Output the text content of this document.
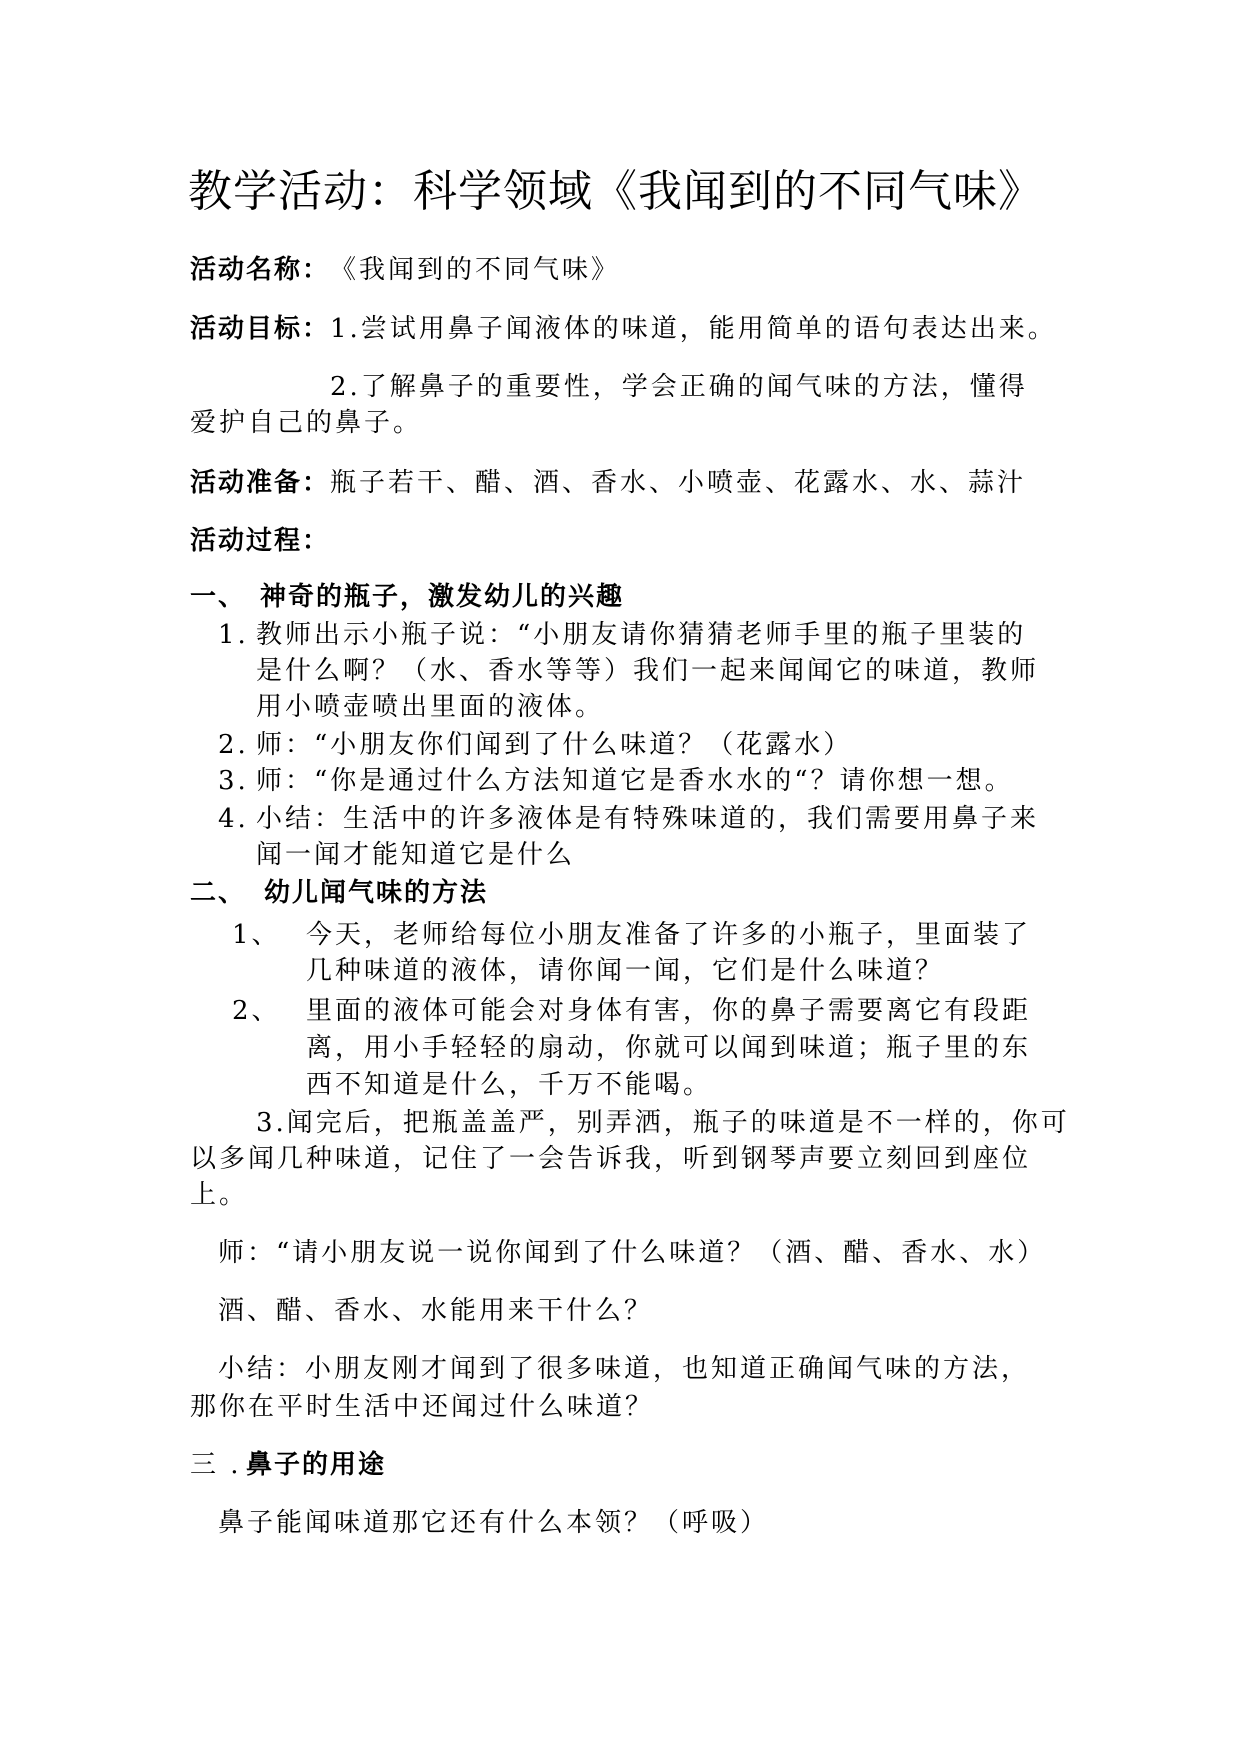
教学活动：科学领域《我闻到的不同气味》
活动名称： 《我闻到的不同气味》
活动目标： 1.尝试用鼻子闻液体的味道，能用简单的语句表达出来。
2.了解鼻子的重要性，学会正确的闻气味的方法，懂得
爱护自己的鼻子。
活动准备： 瓶子若干、醋、酒、香水、小喷壶、花露水、水、蒜汁
活动过程：
一、 神奇的瓶子，激发幼儿的兴趣
1. 教师出示小瓶子说：“小朋友请你猜猜老师手里的瓶子里装的
是什么啊？（水、香水等等）我们一起来闻闻它的味道，教师
用小喷壶喷出里面的液体。
2. 师：“小朋友你们闻到了什么味道？（花露水）
3. 师：“你是通过什么方法知道它是香水水的“？请你想一想。
4. 小结：生活中的许多液体是有特殊味道的，我们需要用鼻子来
闻一闻才能知道它是什么
二、 幼儿闻气味的方法
1、 今天，老师给每位小朋友准备了许多的小瓶子，里面装了
几种味道的液体，请你闻一闻，它们是什么味道？
2、 里面的液体可能会对身体有害，你的鼻子需要离它有段距
离，用小手轻轻的扇动，你就可以闻到味道；瓶子里的东
西不知道是什么，千万不能喝。
3.闻完后，把瓶盖盖严，别弄洒，瓶子的味道是不一样的，你可
以多闻几种味道，记住了一会告诉我，听到钢琴声要立刻回到座位
上。
师：“请小朋友说一说你闻到了什么味道？（酒、醋、香水、水）
酒、醋、香水、水能用来干什么？
小结：小朋友刚才闻到了很多味道，也知道正确闻气味的方法，
那你在平时生活中还闻过什么味道？
三 . 鼻子的用途
鼻子能闻味道那它还有什么本领？（呼吸）
